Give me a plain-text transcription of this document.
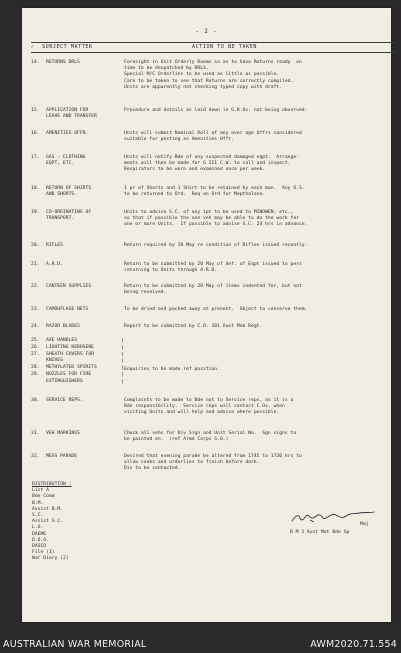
- 2 -
✓ SUBJECT MATTER	ACTION TO BE TAKEN
14.	RETURNS DRLS	Foresight in Unit Orderly Rooms so as to have Returns ready  on
time to be despatched by DRLS.
Special M/C Orderlies to be used as little as possible.
Care to be taken to see that Returns are correctly compiled.
Units are apparently not checking typed copy with draft.
15.	APPLICATION FOR
LEAVE AND TRANSFER
Procedure and details as laid down in G.R.Os. not being observed.
16.	AMENITIES OFFR.	Units will submit Nominal Roll of any over age Offrs considered
suitable for posting as Amenities Offr.
17.	GAS - CLOTHING
EQPT, ETC.
Units will notify Bde of any suspected damaged eqpt.  Arrange-
ments will then be made for G III C.W. to call and inspect.
Respirators to be worn and examined once per week.
18.	RETURN OF SHIRTS
AND SHORTS.
1 pr of Shorts and 1 Shirt to be retained by each man.  Any U.S.
to be returned to Ord.  Req on Ord for Mepthalene.
19.	CO-ORDINATING OF
TRANSPORT.
Units to advise S.C. of any tpt to be used to MINOWEN, etc.,
so that if possible the one veh may be able to do the work for
one or more Units.  If possible to advise S.C. 24 hrs in advance.
20.	RIFLES	Return required by 20 May re condition of Rifles issued recently.
21.	A.R.D.	Return to be submitted by 20 May of def. of Eqpt issued to pers
returning to Units through A.R.D.
22.	CANTEEN SUPPLIES	Return to be submitted by 20 May of items indented for, but not
being received.
23.	CAMOUFLAGE NETS	To be dried and packed away at present.  Object to conserve them.
24.	RAZOR BLADES	Report to be submitted by C.O. 101 Aust Mob Regt.
25.	AXE HANDLES	)
26.	LIGHTING KEROSENE	)
27.	SHEATH COVERS FOR	)
KNIVES	)
28.	METHYLATED SPIRITS	)
29.	NOZZLES FOR FIRE	)
EXTINGUISHERS	)
Enquiries to be made ref position.
30.	SERVICE REPS.	Complaints to be made to Bde not to Service reps, as it is a
Bde responsibility.  Service reps will contact C.Os. when
visiting Units and will help and advise where possible.
31.	VEH MARKINGS	Check all vehs for Div Sign and Unit Serial No.  Sgn signs to
be painted on.  (ref Armd Corps S.O.)
32.	MESS PARADE	Desired that evening parade be altered from 1745 to 1730 hrs to
allow cooks and orderlies to finish before dark.
Div to be contacted.
DISTRIBUTION :
List A
Bde Comd
B.M.
Assist B.M.
S.C.
Assist S.C.
L.O.
DAEME
D.O.O.
DASCO
File (3)
War Diary (2)
Maj
B M 3 Aust Mot Bde Gp
AUSTRALIAN WAR MEMORIAL	AWM2020.71.554
